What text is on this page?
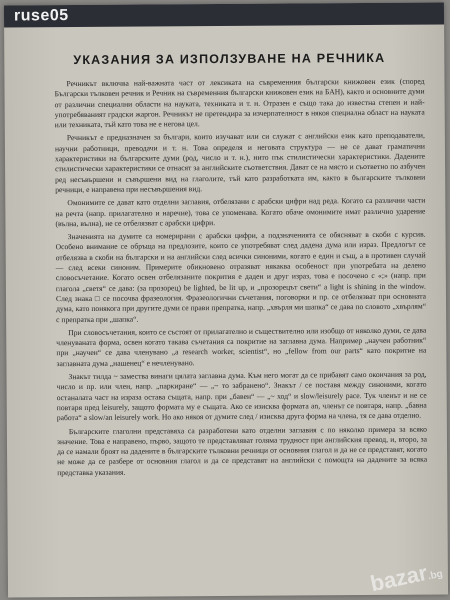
ruse05
УКАЗАНИЯ ЗА ИЗПОЛЗУВАНЕ НА РЕЧНИКА

Речникът включва най-важната част от лексиката на съвременния български книжовен език (според Български тълковен речник и Речник на съвременния български книжовен език на БАН), както и основните думи от различни специални области на науката, техниката и т. н. Отразен е също така до известна степен и най-употребяваният градски жаргон. Речникът не претендира за изчерпателност в някоя специална област на науката или техниката, тъй като това не е негова цел.

Речникът е предназначен за българи, които изучават или си служат с английски език като преподаватели, научни работници, преводачи и т. н. Това определя и неговата структура — не се дават граматични характеристики на българските думи (род, число и т. н.), нито пък стилистически характеристики. Дадените стилистически характеристики се отнасят за английските съответствия. Дават се на място и съответно по азбучен ред несъвършени и съвършени вид на глаголите, тъй като разработката им, както в българските тълковни речници, е направена при несъвършения вид.

Омонимите се дават като отделни заглавия, отбелязани с арабски цифри над реда. Когато са различни части на речта (напр. прилагателно и наречие), това се упоменава. Когато обаче омонимите имат различно ударение (вълна, вълна), не се отбелязват с арабски цифри.

Значенията на думите са номерирани с арабски цифри, а подзначенията се обясняват в скоби с курсив. Особено внимание се обръща на предлозите, които се употребяват след дадена дума или израз. Предлогът се отбелязва в скоби на български и на английски след всички синоними, когато е един и същ, а в противен случай — след всеки синоним. Примерите обикновено отразяват някаква особеност при употребата на делено словосъчетание. Когато освен отбелязаните покрития е даден и друг израз, това е посочено с «;» (напр. при глагола „светя“ се дава: (за прозорец) be lighted, be lit up, и „прозорецът свети“ a light is shining in the window. След знака □ се посочва фразеология. Фразеологични съчетания, поговорки и пр. се отбелязват при основната дума, като понякога при другите думи се прави препратка, напр. „хвърля ми шапка“ се дава по словото „хвърлям“ с препратка при „шапка“.

При словосъчетания, които се състоят от прилагателно и съществително или изобщо от няколко думи, се дава членуваната форма, освен когато такава съчетания са покритие на заглавна дума. Например „научен работник“ при „научен“ се дава членувано „a research worker, scientist“, но „fellow from our parts“ като покритие на заглавната дума „нашенец“ е нечленувано.

Знакът тилда ~ замества винаги цялата заглавна дума. Към него могат да се прибавят само окончания за род, число и пр. или член, напр. „паркиране“ — „~ то забранено“. Знакът / се поставя между синоними, когато останалата част на израза остава същата, напр. при „бавен“ — „~ ход“ и slow/leisurely pace. Тук членът и не се повтаря пред leisurely, защото формата му е същата. Ако се изисква формата an, членът се повтаря, напр. „бавна работа“ a slow/an leisurely work. Но ако някоя от думите след / изисква друга форма на члена, тя се дава отделно.

Българските глаголни представяха са разработени като отделни заглавия с по няколко примера за всяко значение. Това е направено, първо, защото те представляват голяма трудност при английския превод, и, второ, за да се намали броят на дадените в българските тълковни речници от основния глагол и да не се представят, когато не може да се разбере от основния глагол и да се представят на английски с помощта на дадените за всяка представка указания.

bazar.bg
